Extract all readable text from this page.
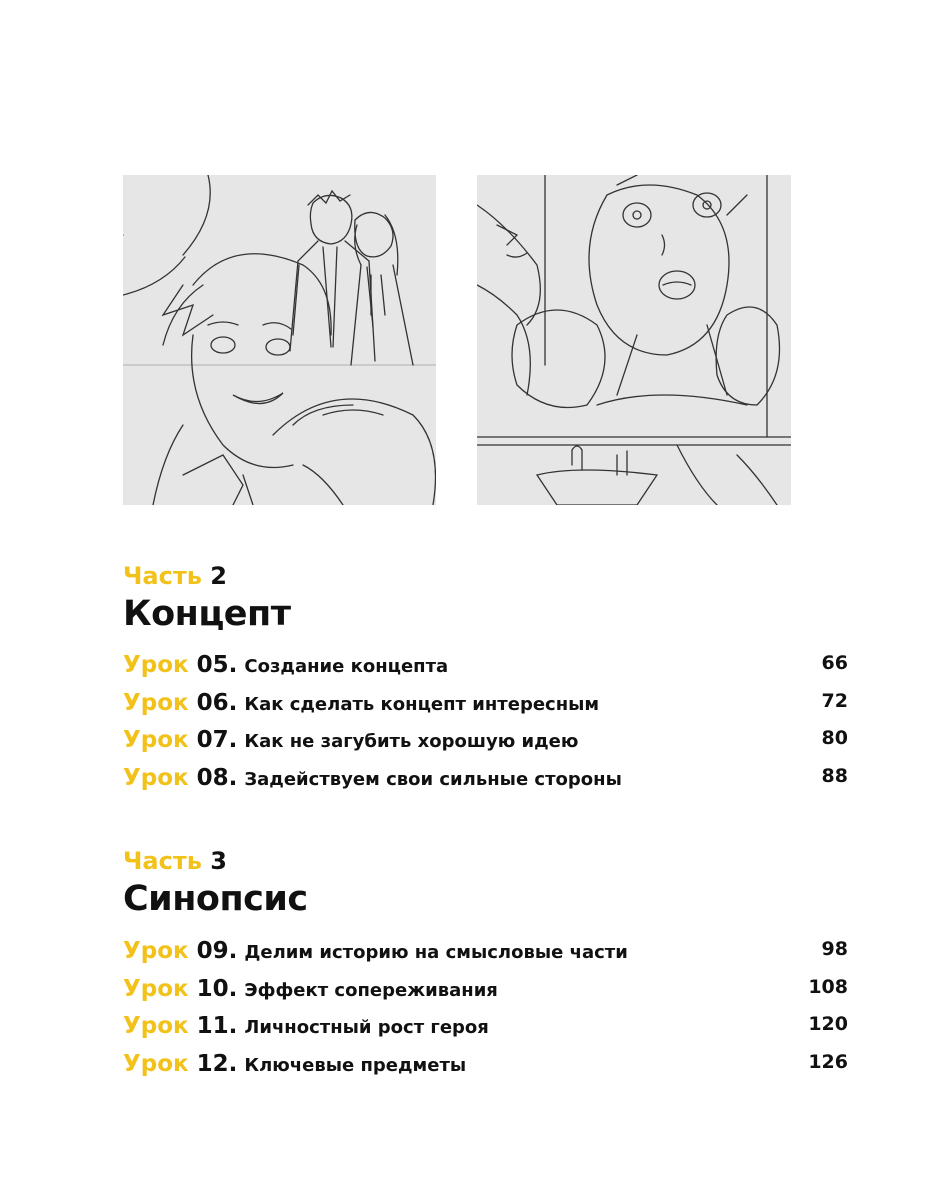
Часть 2
Концепт
Урок 05 . Создание концепта	66
Урок 06 . Как сделать концепт интересным	72
Урок 07 . Как не загубить хорошую идею	80
Урок 08 . Задействуем свои сильные стороны	88
Часть 3
Синопсис
Урок 09 . Делим историю на смысловые части	98
Урок 10 . Эффект сопереживания	108
Урок 11 . Личностный рост героя	120
Урок 12 . Ключевые предметы	126
